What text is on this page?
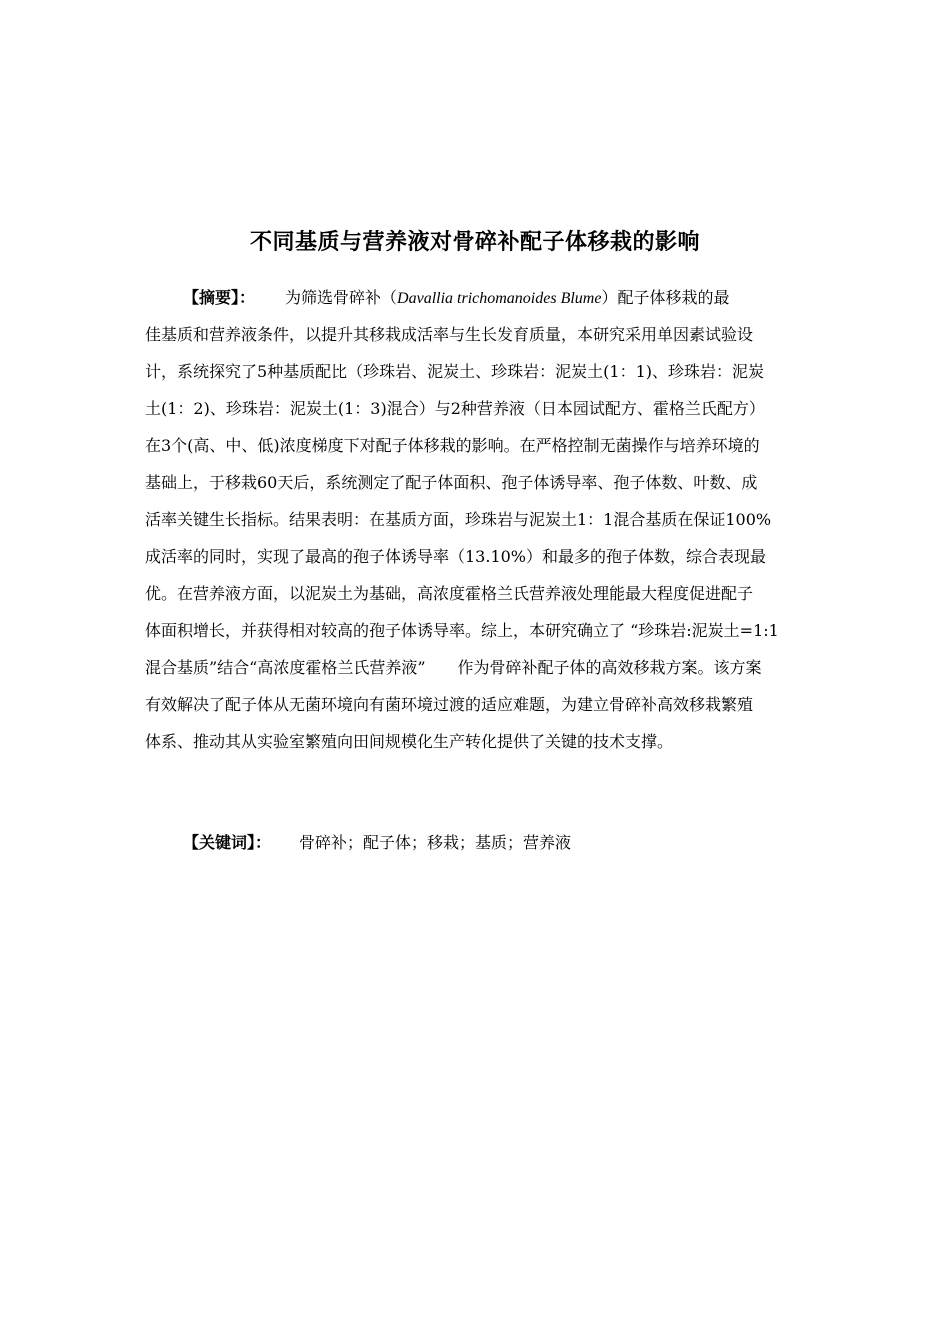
不同基质与营养液对骨碎补配子体移栽的影响
【摘要】： 为筛选骨碎补（Davallia trichomanoides Blume）配子体移栽的最
佳基质和营养液条件，以提升其移栽成活率与生长发育质量，本研究采用单因素试验设
计，系统探究了5种基质配比（珍珠岩、泥炭土、珍珠岩：泥炭土(1：1)、珍珠岩：泥炭
土(1：2)、珍珠岩：泥炭土(1：3)混合）与2种营养液（日本园试配方、霍格兰氏配方）
在3个(高、中、低)浓度梯度下对配子体移栽的影响。在严格控制无菌操作与培养环境的
基础上，于移栽60天后，系统测定了配子体面积、孢子体诱导率、孢子体数、叶数、成
活率关键生长指标。结果表明：在基质方面，珍珠岩与泥炭土1：1混合基质在保证100%
成活率的同时，实现了最高的孢子体诱导率（13.10%）和最多的孢子体数，综合表现最
优。在营养液方面，以泥炭土为基础，高浓度霍格兰氏营养液处理能最大程度促进配子
体面积增长，并获得相对较高的孢子体诱导率。综上，本研究确立了 “珍珠岩:泥炭土=1:1
混合基质”结合“高浓度霍格兰氏营养液”　　作为骨碎补配子体的高效移栽方案。该方案
有效解决了配子体从无菌环境向有菌环境过渡的适应难题，为建立骨碎补高效移栽繁殖
体系、推动其从实验室繁殖向田间规模化生产转化提供了关键的技术支撑。
【关键词】： 骨碎补；配子体；移栽；基质；营养液
